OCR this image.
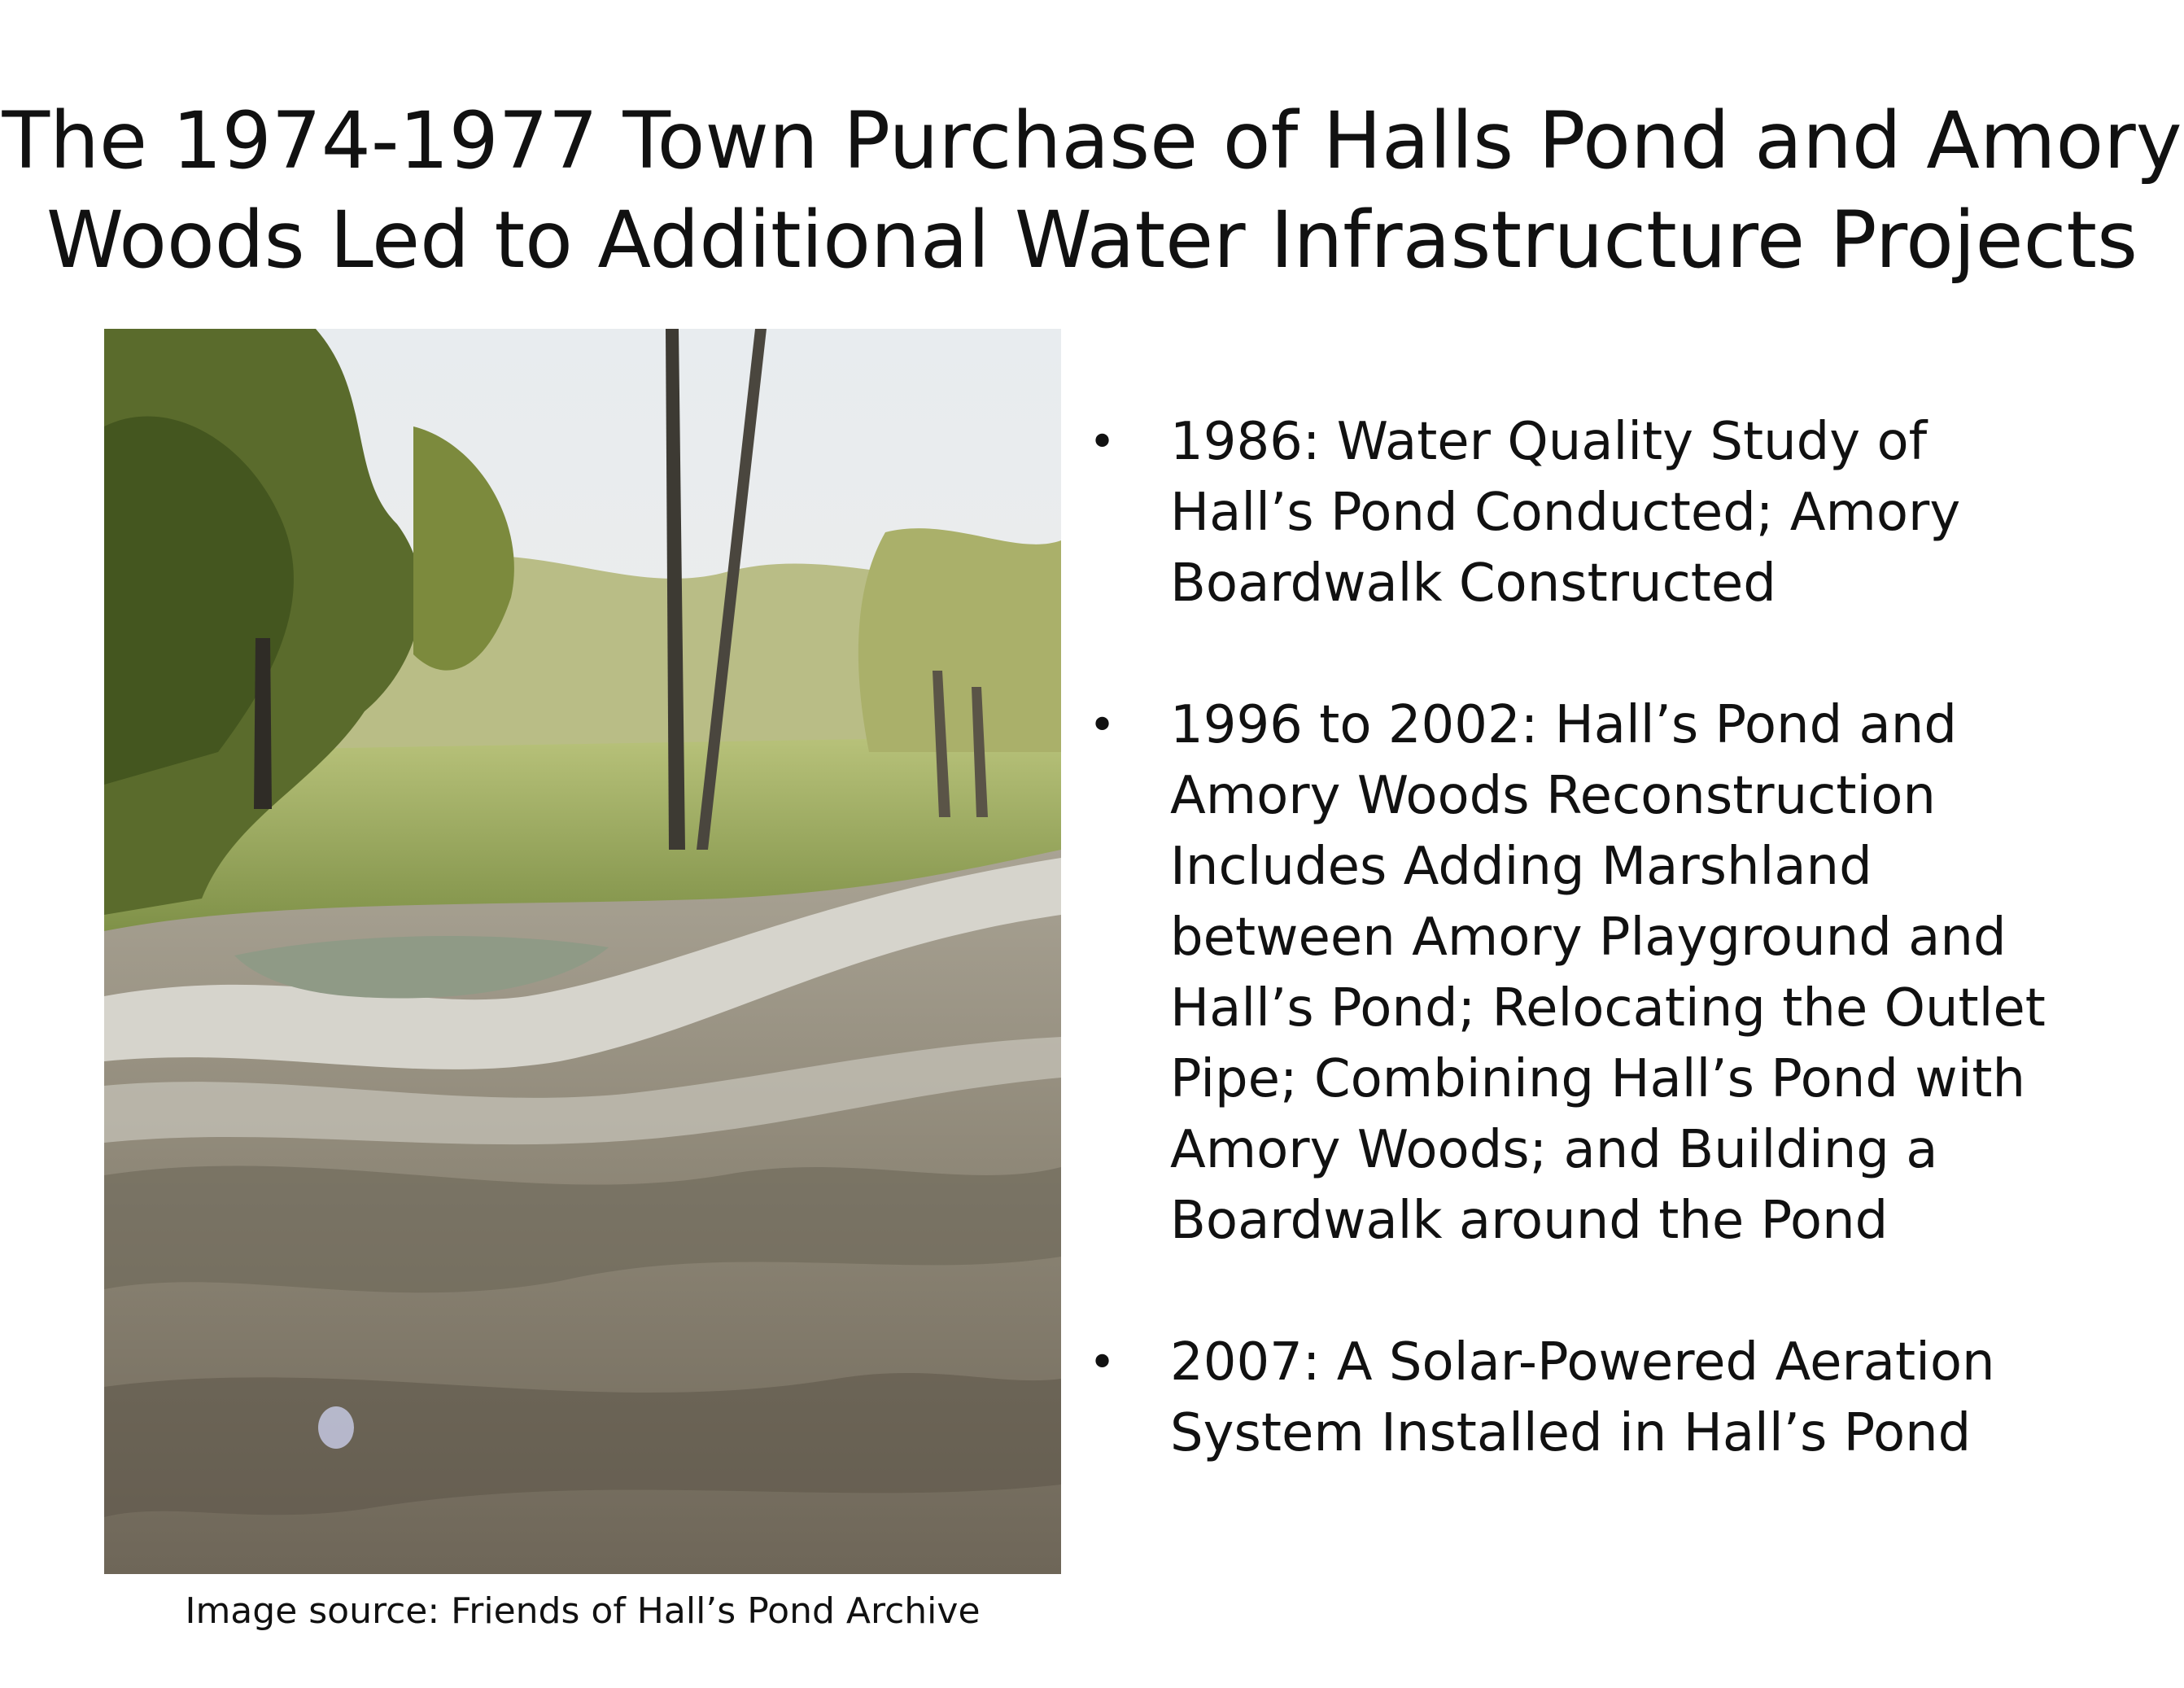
The 1974-1977 Town Purchase of Halls Pond and Amory
Woods Led to Additional Water Infrastructure Projects
Image source: Friends of Hall’s Pond Archive
• 1986: Water Quality Study of
Hall’s Pond Conducted; Amory
Boardwalk Constructed
• 1996 to 2002: Hall’s Pond and
Amory Woods Reconstruction
Includes Adding Marshland
between Amory Playground and
Hall’s Pond; Relocating the Outlet
Pipe; Combining Hall’s Pond with
Amory Woods; and Building a
Boardwalk around the Pond
• 2007: A Solar-Powered Aeration
System Installed in Hall’s Pond
